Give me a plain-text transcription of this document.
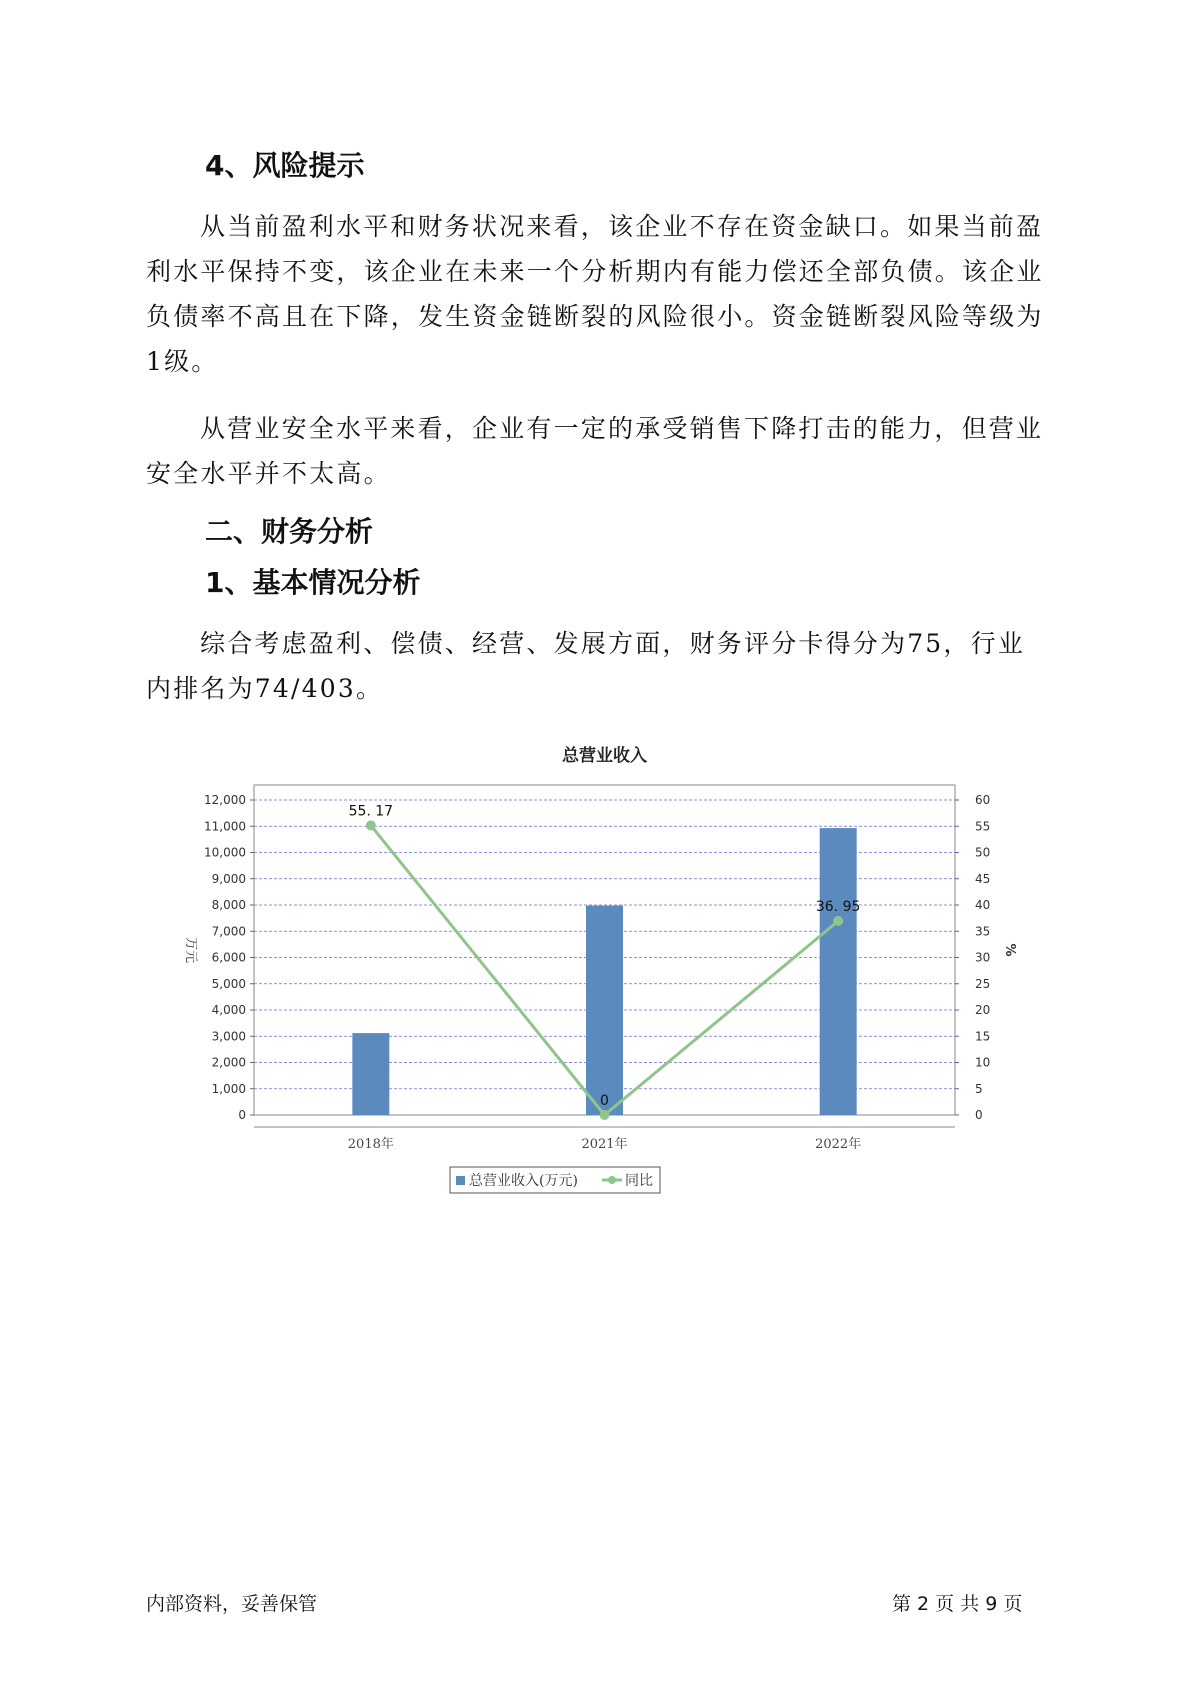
4、风险提示

从当前盈利水平和财务状况来看，该企业不存在资金缺口。如果当前盈利水平保持不变，该企业在未来一个分析期内有能力偿还全部负债。该企业负债率不高且在下降，发生资金链断裂的风险很小。资金链断裂风险等级为1级。

从营业安全水平来看，企业有一定的承受销售下降打击的能力，但营业安全水平并不太高。

二、财务分析
1、基本情况分析

综合考虑盈利、偿债、经营、发展方面，财务评分卡得分为75，行业内排名为74/403。

总营业收入
0
1,000
2,000
3,000
4,000
5,000
6,000
7,000
8,000
9,000
10,000
11,000
12,000
0
5
10
15
20
25
30
35
40
45
50
55
60
万元	%
2018年	2021年	2022年
55. 17
0
36. 95
总营业收入(万元)	同比
内部资料，妥善保管	第 2 页 共 9 页
